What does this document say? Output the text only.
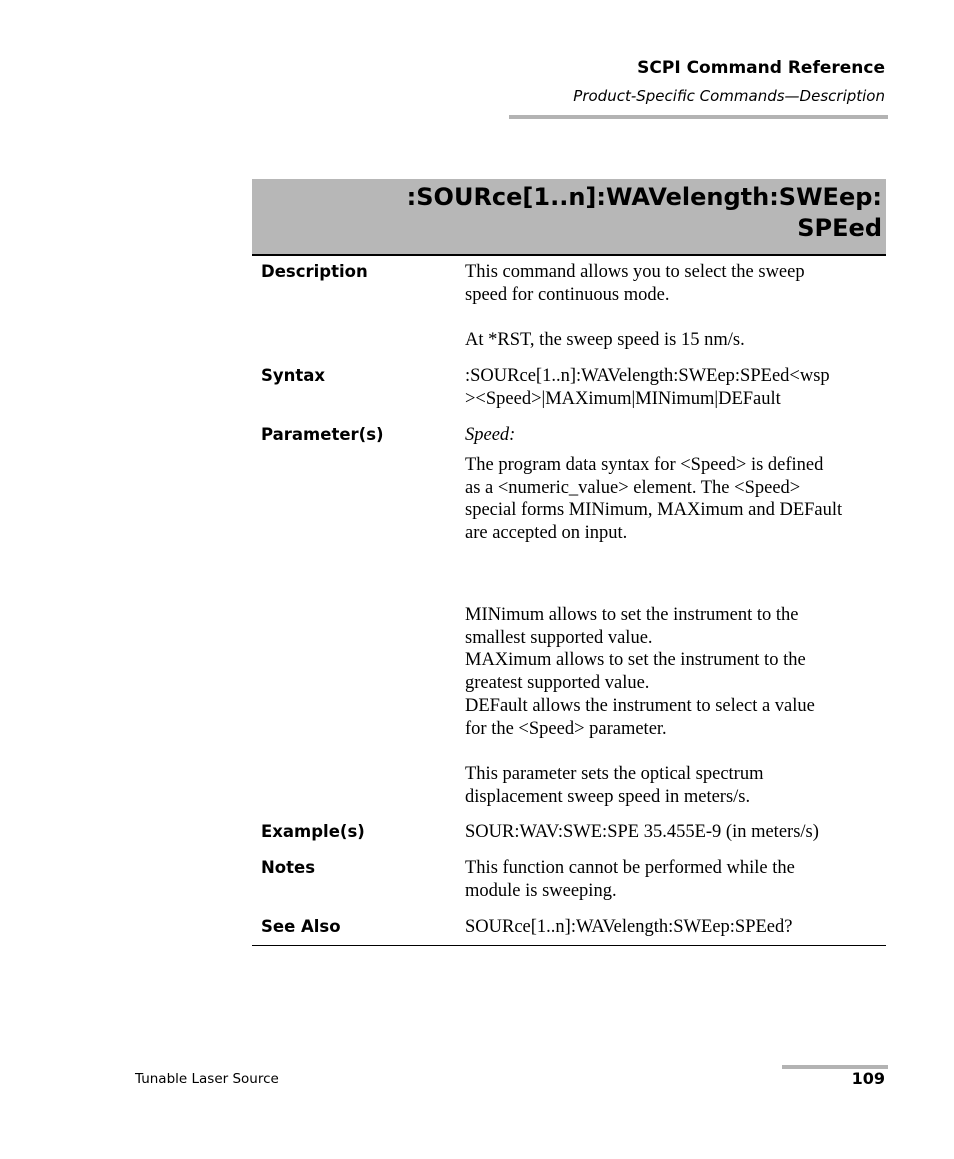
SCPI Command Reference
Product-Specific Commands—Description
:SOURce[1..n]:WAVelength:SWEep:
SPEed
Description	This command allows you to select the sweep
speed for continuous mode.
At *RST, the sweep speed is 15 nm/s.
Syntax	:SOURce[1..n]:WAVelength:SWEep:SPEed<wsp
><Speed>|MAXimum|MINimum|DEFault
Parameter(s)	Speed:
The program data syntax for <Speed> is defined
as a <numeric_value> element. The <Speed>
special forms MINimum, MAXimum and DEFault
are accepted on input.
MINimum allows to set the instrument to the
smallest supported value.
MAXimum allows to set the instrument to the
greatest supported value.
DEFault allows the instrument to select a value
for the <Speed> parameter.
This parameter sets the optical spectrum
displacement sweep speed in meters/s.
Example(s)	SOUR:WAV:SWE:SPE 35.455E-9 (in meters/s)
Notes	This function cannot be performed while the
module is sweeping.
See Also	SOURce[1..n]:WAVelength:SWEep:SPEed?
Tunable Laser Source	109
